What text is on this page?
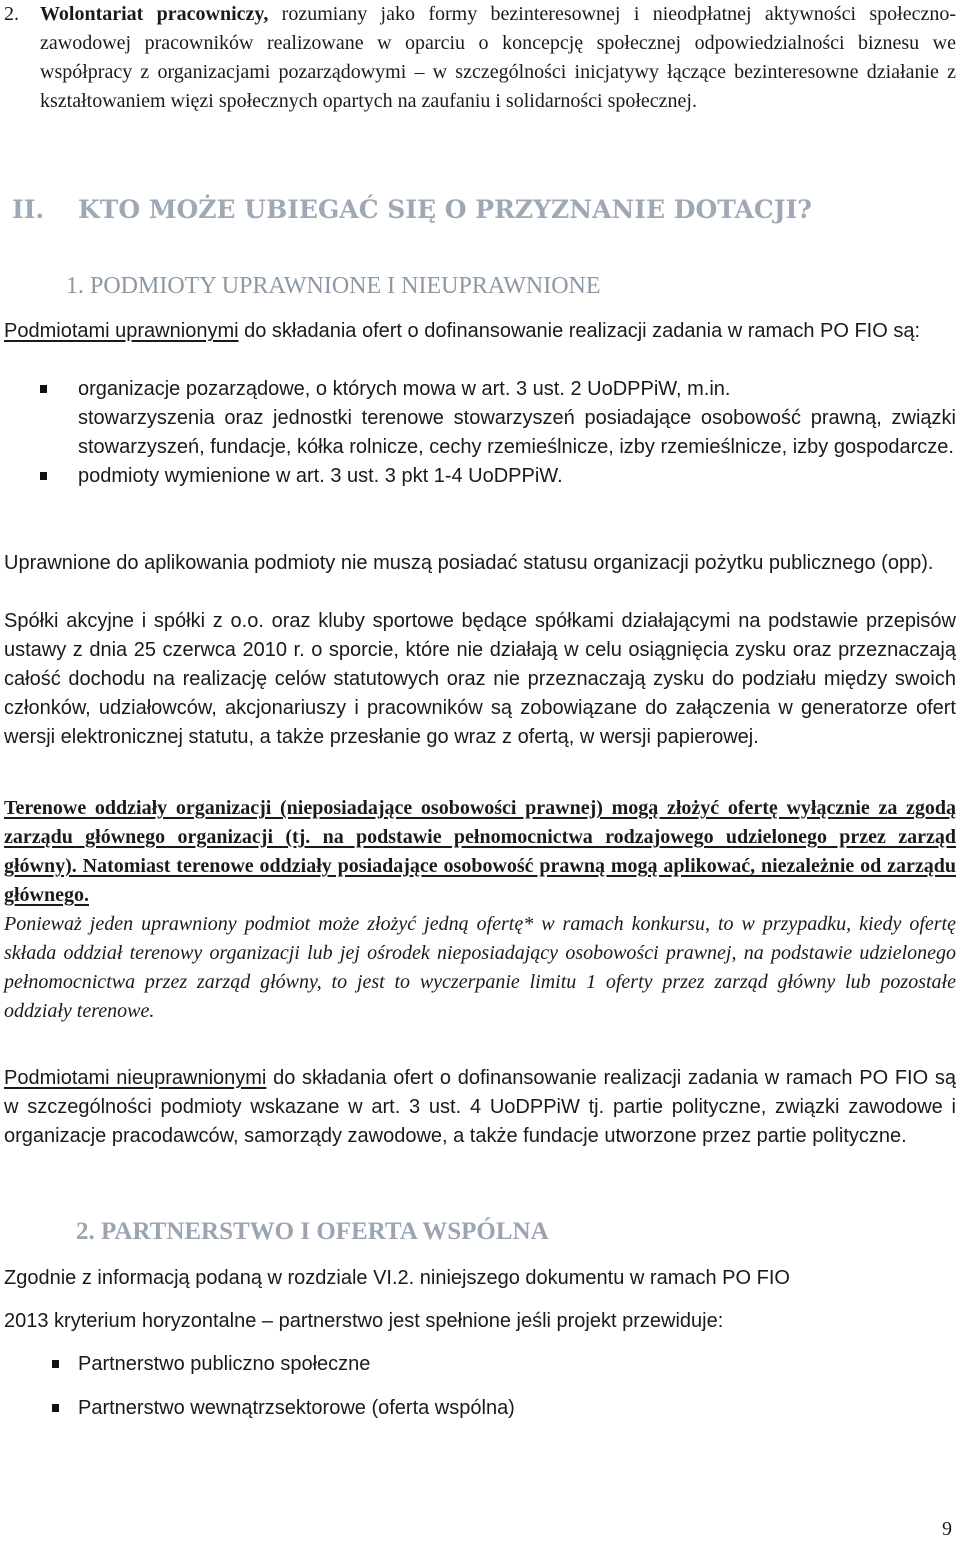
2.	Wolontariat pracowniczy, rozumiany jako formy bezinteresownej i nieodpłatnej aktywności społeczno-zawodowej pracowników realizowane w oparciu o koncepcję społecznej odpowiedzialności biznesu we współpracy z organizacjami pozarządowymi – w szczególności inicjatywy łączące bezinteresowne działanie z kształtowaniem więzi społecznych opartych na zaufaniu i solidarności społecznej.
II. KTO MOŻE UBIEGAĆ SIĘ O PRZYZNANIE DOTACJI?
1. PODMIOTY UPRAWNIONE I NIEUPRAWNIONE

Podmiotami uprawnionymi do składania ofert o dofinansowanie realizacji zadania w ramach PO FIO są:

organizacje pozarządowe, o których mowa w art. 3 ust. 2 UoDPPiW, m.in.
stowarzyszenia oraz jednostki terenowe stowarzyszeń posiadające osobowość prawną, związki stowarzyszeń, fundacje, kółka rolnicze, cechy rzemieślnicze, izby rzemieślnicze, izby gospodarcze.
podmioty wymienione w art. 3 ust. 3 pkt 1-4 UoDPPiW.

Uprawnione do aplikowania podmioty nie muszą posiadać statusu organizacji pożytku publicznego (opp).

Spółki akcyjne i spółki z o.o. oraz kluby sportowe będące spółkami działającymi na podstawie przepisów ustawy z dnia 25 czerwca 2010 r. o sporcie, które nie działają w celu osiągnięcia zysku oraz przeznaczają całość dochodu na realizację celów statutowych oraz nie przeznaczają zysku do podziału między swoich członków, udziałowców, akcjonariuszy i pracowników są zobowiązane do załączenia w generatorze ofert wersji elektronicznej statutu, a także przesłanie go wraz z ofertą, w wersji papierowej.

Terenowe oddziały organizacji (nieposiadające osobowości prawnej) mogą złożyć ofertę wyłącznie za zgodą zarządu głównego organizacji (tj. na podstawie pełnomocnictwa rodzajowego udzielonego przez zarząd główny). Natomiast terenowe oddziały posiadające osobowość prawną mogą aplikować, niezależnie od zarządu głównego.

Ponieważ jeden uprawniony podmiot może złożyć jedną ofertę* w ramach konkursu, to w przypadku, kiedy ofertę składa oddział terenowy organizacji lub jej ośrodek nieposiadający osobowości prawnej, na podstawie udzielonego pełnomocnictwa przez zarząd główny, to jest to wyczerpanie limitu 1 oferty przez zarząd główny lub pozostałe oddziały terenowe.

Podmiotami nieuprawnionymi do składania ofert o dofinansowanie realizacji zadania w ramach PO FIO są w szczególności podmioty wskazane w art. 3 ust. 4 UoDPPiW tj. partie polityczne, związki zawodowe i organizacje pracodawców, samorządy zawodowe, a także fundacje utworzone przez partie polityczne.

2. PARTNERSTWO I OFERTA WSPÓLNA

Zgodnie z informacją podaną w rozdziale VI.2. niniejszego dokumentu w ramach PO FIO

2013 kryterium horyzontalne – partnerstwo jest spełnione jeśli projekt przewiduje:

Partnerstwo publiczno społeczne
Partnerstwo wewnątrzsektorowe (oferta wspólna)
9
